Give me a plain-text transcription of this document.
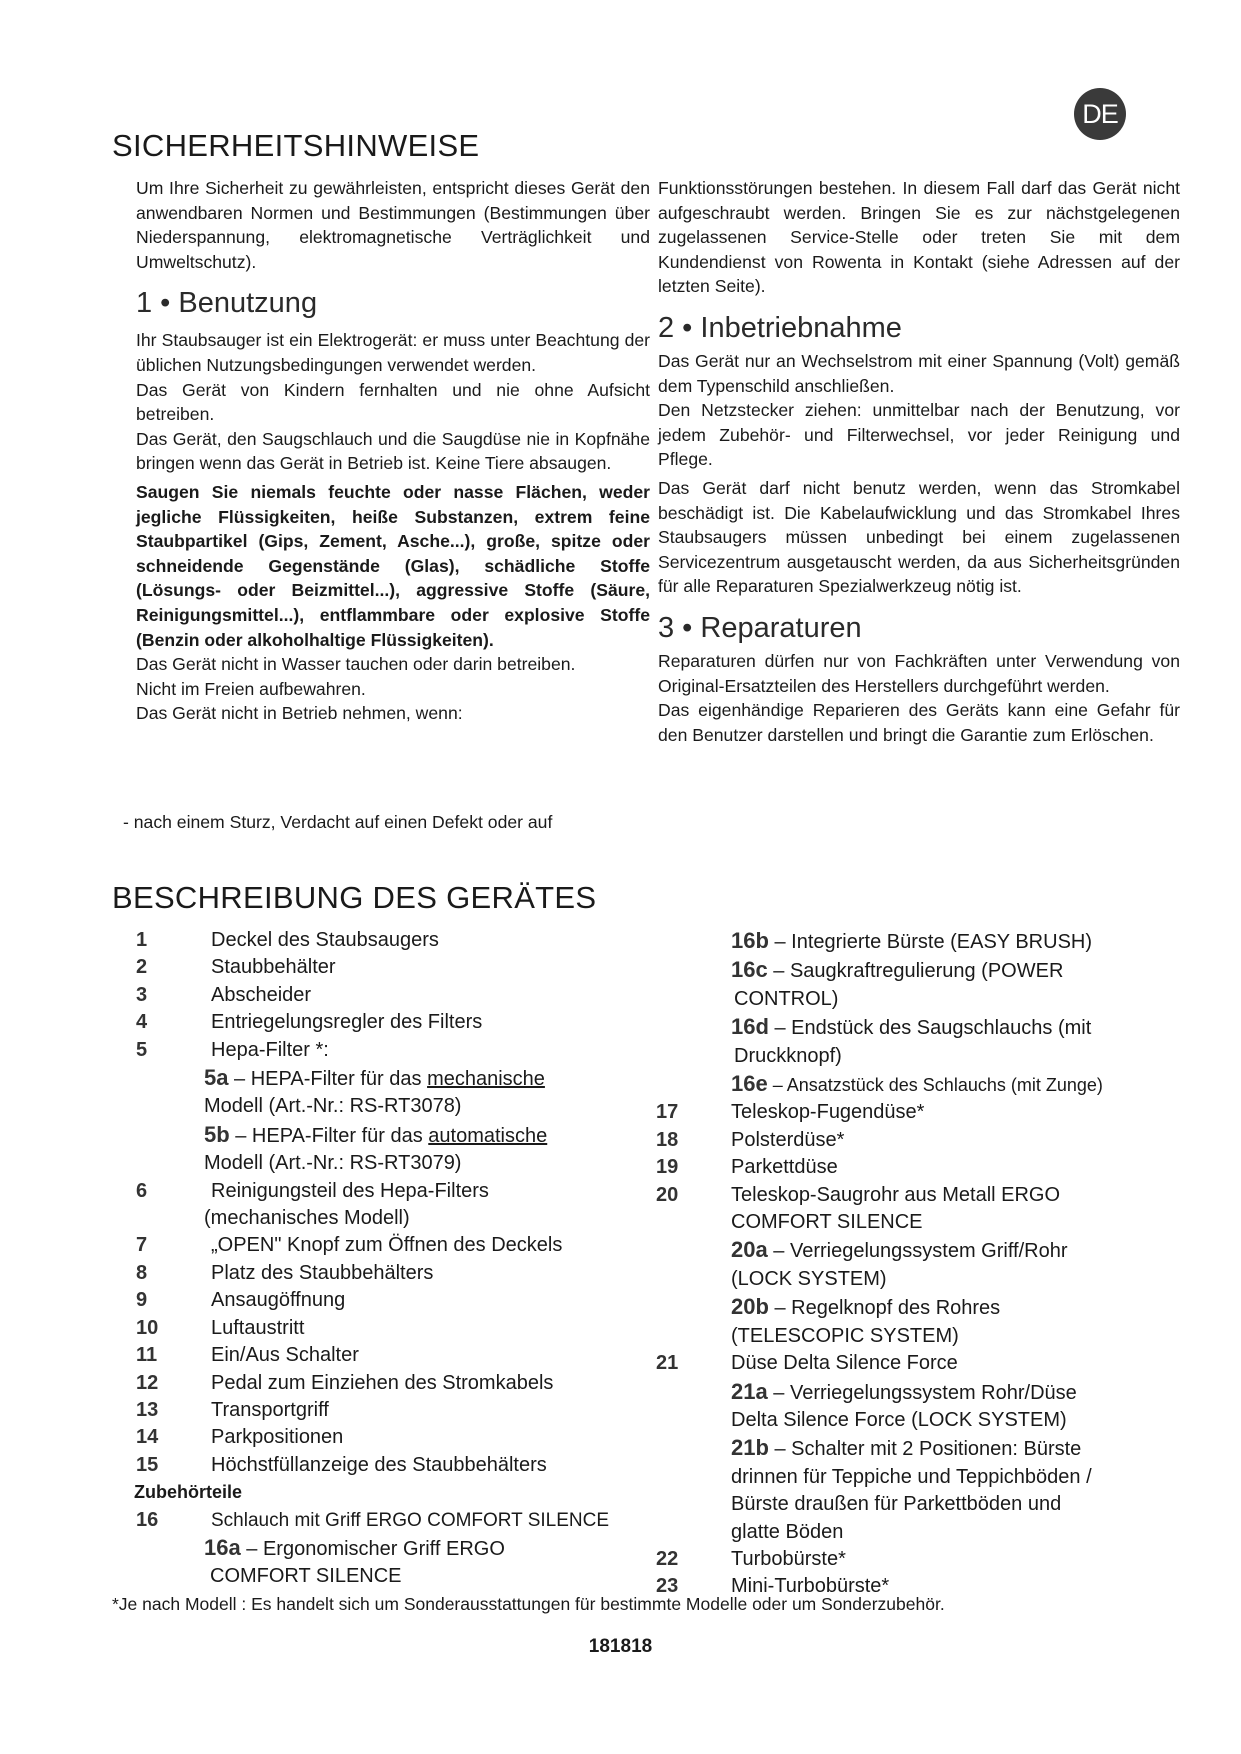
DE
SICHERHEITSHINWEISE

Um Ihre Sicherheit zu gewährleisten, entspricht dieses Gerät den anwendbaren Normen und Bestimmungen (Bestimmungen über Niederspannung, elektromagnetische Verträglichkeit und Umweltschutz).

1 • Benutzung

Ihr Staubsauger ist ein Elektrogerät: er muss unter Beachtung der üblichen Nutzungsbedingungen verwendet werden.

Das Gerät von Kindern fernhalten und nie ohne Aufsicht betreiben.

Das Gerät, den Saugschlauch und die Saugdüse nie in Kopfnähe bringen wenn das Gerät in Betrieb ist. Keine Tiere absaugen.

Saugen Sie niemals feuchte oder nasse Flächen, weder jegliche Flüssigkeiten, heiße Substanzen, extrem feine Staubpartikel (Gips, Zement, Asche...), große, spitze oder schneidende Gegenstände (Glas), schädliche Stoffe (Lösungs- oder Beizmittel...), aggressive Stoffe (Säure, Reinigungsmittel...), entflammbare oder explosive Stoffe (Benzin oder alkoholhaltige Flüssigkeiten).

Das Gerät nicht in Wasser tauchen oder darin betreiben.

Nicht im Freien aufbewahren.

Das Gerät nicht in Betrieb nehmen, wenn:

- nach einem Sturz, Verdacht auf einen Defekt oder auf

Funktionsstörungen bestehen. In diesem Fall darf das Gerät nicht aufgeschraubt werden. Bringen Sie es zur nächstgelegenen zugelassenen Service-Stelle oder treten Sie mit dem Kundendienst von Rowenta in Kontakt (siehe Adressen auf der letzten Seite).

2 • Inbetriebnahme

Das Gerät nur an Wechselstrom mit einer Spannung (Volt) gemäß dem Typenschild anschließen.

Den Netzstecker ziehen: unmittelbar nach der Benutzung, vor jedem Zubehör- und Filterwechsel, vor jeder Reinigung und Pflege.

Das Gerät darf nicht benutz werden, wenn das Stromkabel beschädigt ist. Die Kabelaufwicklung und das Stromkabel Ihres Staubsaugers müssen unbedingt bei einem zugelassenen Servicezentrum ausgetauscht werden, da aus Sicherheitsgründen für alle Reparaturen Spezialwerkzeug nötig ist.

3 • Reparaturen

Reparaturen dürfen nur von Fachkräften unter Verwendung von Original-Ersatzteilen des Herstellers durchgeführt werden.

Das eigenhändige Reparieren des Geräts kann eine Gefahr für den Benutzer darstellen und bringt die Garantie zum Erlöschen.

BESCHREIBUNG DES GERÄTES
1	Deckel des Staubsaugers
2	Staubbehälter
3	Abscheider
4	Entriegelungsregler des Filters
5	Hepa-Filter *:
5a – HEPA-Filter für das mechanische
Modell (Art.-Nr.: RS-RT3078)
5b – HEPA-Filter für das automatische
Modell (Art.-Nr.: RS-RT3079)
6	Reinigungsteil des Hepa-Filters
(mechanisches Modell)
7	„OPEN" Knopf zum Öffnen des Deckels
8	Platz des Staubbehälters
9	Ansaugöffnung
10	Luftaustritt
11	Ein/Aus Schalter
12	Pedal zum Einziehen des Stromkabels
13	Transportgriff
14	Parkpositionen
15	Höchstfüllanzeige des Staubbehälters
Zubehörteile
16	Schlauch mit Griff ERGO COMFORT SILENCE
16a – Ergonomischer Griff ERGO
COMFORT SILENCE
16b – Integrierte Bürste (EASY BRUSH)
16c – Saugkraftregulierung (POWER
CONTROL)
16d – Endstück des Saugschlauchs (mit
Druckknopf)
16e – Ansatzstück des Schlauchs (mit Zunge)
17	Teleskop-Fugendüse*
18	Polsterdüse*
19	Parkettdüse
20	Teleskop-Saugrohr aus Metall ERGO
COMFORT SILENCE
20a – Verriegelungssystem Griff/Rohr
(LOCK SYSTEM)
20b – Regelknopf des Rohres
(TELESCOPIC SYSTEM)
21	Düse Delta Silence Force
21a – Verriegelungssystem Rohr/Düse
Delta Silence Force (LOCK SYSTEM)
21b – Schalter mit 2 Positionen: Bürste
drinnen für Teppiche und Teppichböden /
Bürste draußen für Parkettböden und
glatte Böden
22	Turbobürste*
23	Mini-Turbobürste*
*Je nach Modell : Es handelt sich um Sonderausstattungen für bestimmte Modelle oder um Sonderzubehör.
181818
